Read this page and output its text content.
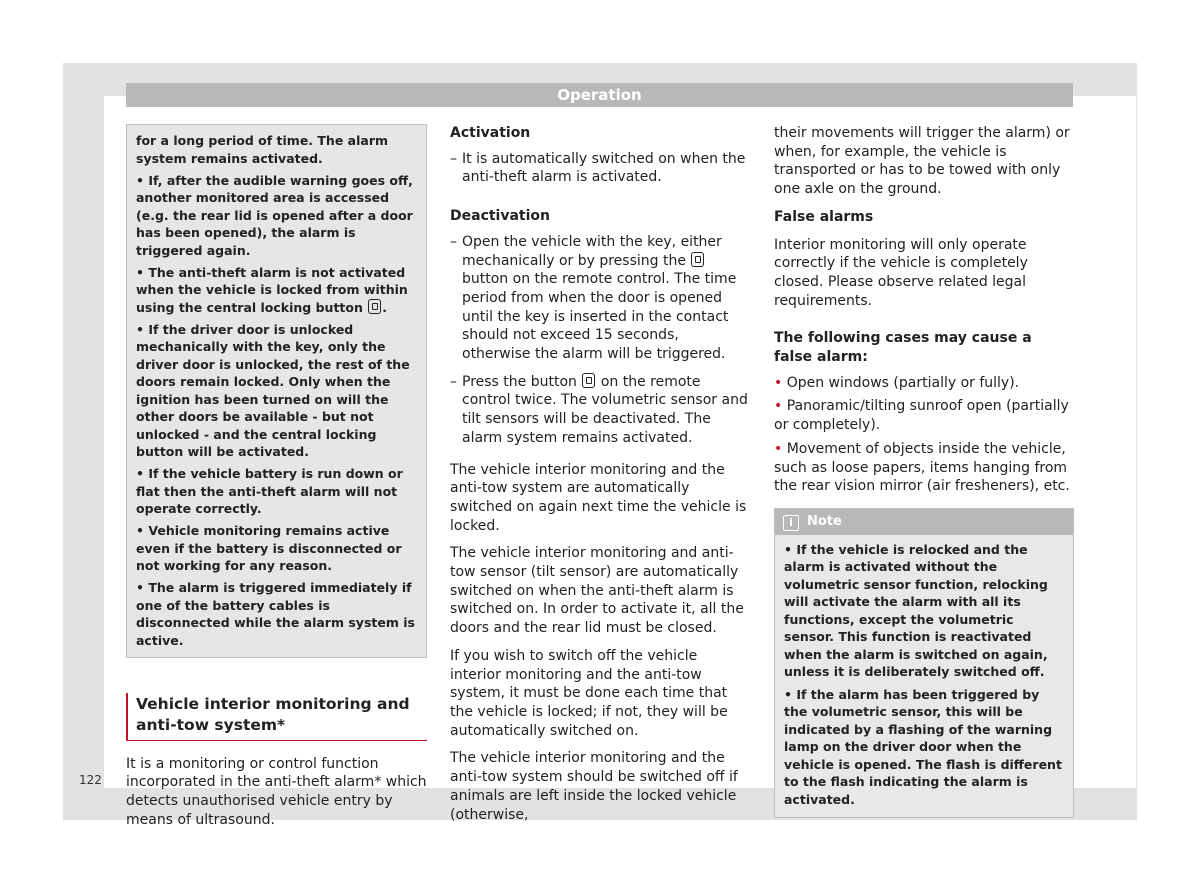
Operation

for a long period of time. The alarm system remains activated.

• If, after the audible warning goes off, another monitored area is accessed (e.g. the rear lid is opened after a door has been opened), the alarm is triggered again.

• The anti-theft alarm is not activated when the vehicle is locked from within using the central locking button .

• If the driver door is unlocked mechanically with the key, only the driver door is unlocked, the rest of the doors remain locked. Only when the ignition has been turned on will the other doors be available - but not unlocked - and the central locking button will be activated.

• If the vehicle battery is run down or flat then the anti-theft alarm will not operate correctly.

• Vehicle monitoring remains active even if the battery is disconnected or not working for any reason.

• The alarm is triggered immediately if one of the battery cables is disconnected while the alarm system is active.

Vehicle interior monitoring and anti-tow system*

It is a monitoring or control function incorporated in the anti-theft alarm* which detects unauthorised vehicle entry by means of ultrasound.

Activation

– It is automatically switched on when the anti-theft alarm is activated.

Deactivation

– Open the vehicle with the key, either mechanically or by pressing the  button on the remote control. The time period from when the door is opened until the key is inserted in the contact should not exceed 15 seconds, otherwise the alarm will be triggered.

– Press the button on the remote control twice. The volumetric sensor and tilt sensors will be deactivated. The alarm system remains activated.

The vehicle interior monitoring and the anti-tow system are automatically switched on again next time the vehicle is locked.

The vehicle interior monitoring and anti-tow sensor (tilt sensor) are automatically switched on when the anti-theft alarm is switched on. In order to activate it, all the doors and the rear lid must be closed.

If you wish to switch off the vehicle interior monitoring and the anti-tow system, it must be done each time that the vehicle is locked; if not, they will be automatically switched on.

The vehicle interior monitoring and the anti-tow system should be switched off if animals are left inside the locked vehicle (otherwise,

their movements will trigger the alarm) or when, for example, the vehicle is transported or has to be towed with only one axle on the ground.

False alarms

Interior monitoring will only operate correctly if the vehicle is completely closed. Please observe related legal requirements.

The following cases may cause a false alarm:

• Open windows (partially or fully).

• Panoramic/tilting sunroof open (partially or completely).

• Movement of objects inside the vehicle, such as loose papers, items hanging from the rear vision mirror (air fresheners), etc.

i Note

• If the vehicle is relocked and the alarm is activated without the volumetric sensor function, relocking will activate the alarm with all its functions, except the volumetric sensor. This function is reactivated when the alarm is switched on again, unless it is deliberately switched off.

• If the alarm has been triggered by the volumetric sensor, this will be indicated by a flashing of the warning lamp on the driver door when the vehicle is opened. The flash is different to the flash indicating the alarm is activated.

122
